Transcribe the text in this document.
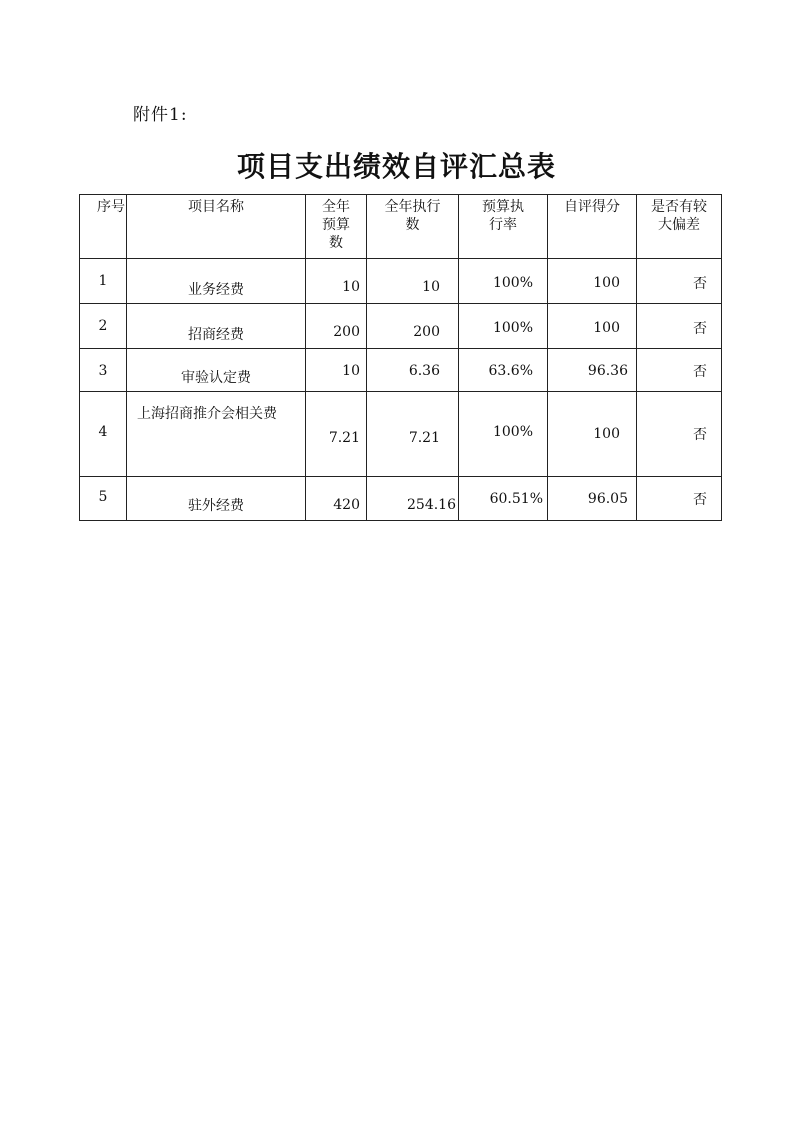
附件1:
项目支出绩效自评汇总表
序号	项目名称	全年预算数	全年执行数	预算执行率	自评得分	是否有较大偏差

1	业务经费	10	10	100%	100	否

2	招商经费	200	200	100%	100	否

3	审验认定费	10	6.36	63.6%	96.36	否

4	上海招商推介会相关费	7.21	7.21	100%	100	否

5	驻外经费	420	254.16	60.51%	96.05	否
